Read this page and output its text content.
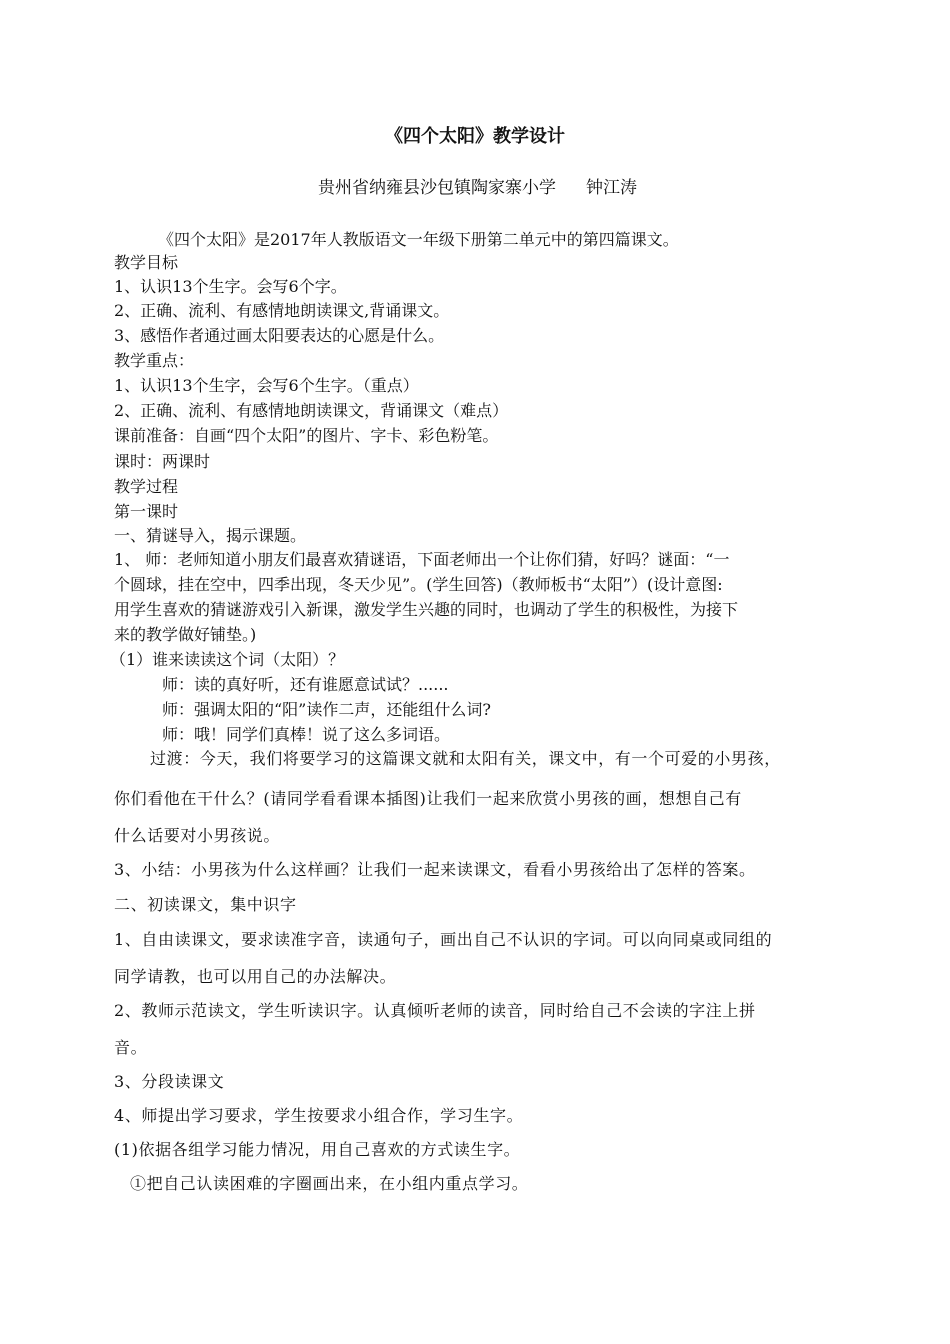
《四个太阳》教学设计
贵州省纳雍县沙包镇陶家寨小学 钟江涛
《四个太阳》是2017年人教版语文一年级下册第二单元中的第四篇课文。
教学目标
1、认识13个生字。会写6个字。
2、正确、流利、有感情地朗读课文,背诵课文。
3、感悟作者通过画太阳要表达的心愿是什么。
教学重点：
1、认识13个生字，会写6个生字。（重点）
2、正确、流利、有感情地朗读课文，背诵课文（难点）
课前准备：自画“四个太阳”的图片、字卡、彩色粉笔。
课时：两课时
教学过程
第一课时
一、猜谜导入，揭示课题。
1、 师：老师知道小朋友们最喜欢猜谜语，下面老师出一个让你们猜，好吗？谜面：“一
个圆球，挂在空中，四季出现，冬天少见”。(学生回答)（教师板书“太阳”）(设计意图:
用学生喜欢的猜谜游戏引入新课，激发学生兴趣的同时，也调动了学生的积极性，为接下
来的教学做好铺垫。)
（1）谁来读读这个词（太阳）？
师：读的真好听，还有谁愿意试试？......
师：强调太阳的“阳”读作二声，还能组什么词?
师：哦！同学们真棒！说了这么多词语。
过渡：今天，我们将要学习的这篇课文就和太阳有关，课文中，有一个可爱的小男孩，
你们看他在干什么？(请同学看看课本插图)让我们一起来欣赏小男孩的画，想想自己有
什么话要对小男孩说。
3、小结：小男孩为什么这样画？让我们一起来读课文，看看小男孩给出了怎样的答案。
二、初读课文，集中识字
1、自由读课文，要求读准字音，读通句子，画出自己不认识的字词。可以向同桌或同组的
同学请教，也可以用自己的办法解决。
2、教师示范读文，学生听读识字。认真倾听老师的读音，同时给自己不会读的字注上拼
音。
3、分段读课文
4、师提出学习要求，学生按要求小组合作，学习生字。
(1)依据各组学习能力情况，用自己喜欢的方式读生字。
①把自己认读困难的字圈画出来，在小组内重点学习。
